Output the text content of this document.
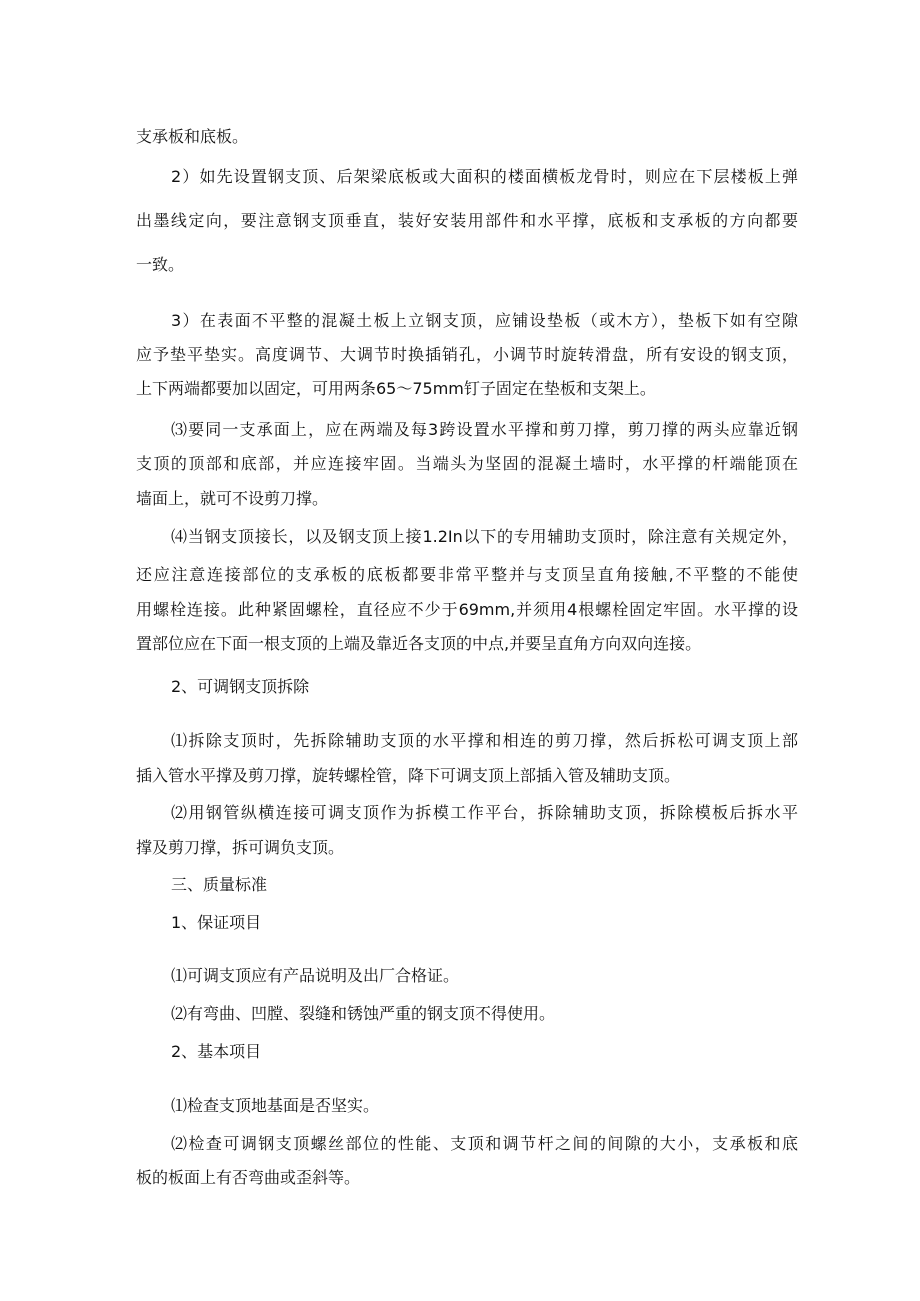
支承板和底板。
2）如先设置钢支顶、后架梁底板或大面积的楼面横板龙骨时，则应在下层楼板上弹
出墨线定向，要注意钢支顶垂直，装好安装用部件和水平撑，底板和支承板的方向都要
一致。
3）在表面不平整的混凝土板上立钢支顶，应铺设垫板（或木方），垫板下如有空隙
应予垫平垫实。高度调节、大调节时换插销孔，小调节时旋转滑盘，所有安设的钢支顶，
上下两端都要加以固定，可用两条65～75mm钉子固定在垫板和支架上。
⑶要同一支承面上，应在两端及每3跨设置水平撑和剪刀撑，剪刀撑的两头应靠近钢
支顶的顶部和底部，并应连接牢固。当端头为坚固的混凝土墙时，水平撑的杆端能顶在
墙面上，就可不设剪刀撑。
⑷当钢支顶接长，以及钢支顶上接1.2In以下的专用辅助支顶时，除注意有关规定外，
还应注意连接部位的支承板的底板都要非常平整并与支顶呈直角接触,不平整的不能使
用螺栓连接。此种紧固螺栓，直径应不少于69mm,并须用4根螺栓固定牢固。水平撑的设
置部位应在下面一根支顶的上端及靠近各支顶的中点,并要呈直角方向双向连接。
2、可调钢支顶拆除
⑴拆除支顶时，先拆除辅助支顶的水平撑和相连的剪刀撑，然后拆松可调支顶上部
插入管水平撑及剪刀撑，旋转螺栓管，降下可调支顶上部插入管及辅助支顶。
⑵用钢管纵横连接可调支顶作为拆模工作平台，拆除辅助支顶，拆除模板后拆水平
撑及剪刀撑，拆可调负支顶。
三、质量标准
1、保证项目
⑴可调支顶应有产品说明及出厂合格证。
⑵有弯曲、凹膛、裂缝和锈蚀严重的钢支顶不得使用。
2、基本项目
⑴检查支顶地基面是否坚实。
⑵检查可调钢支顶螺丝部位的性能、支顶和调节杆之间的间隙的大小，支承板和底
板的板面上有否弯曲或歪斜等。
